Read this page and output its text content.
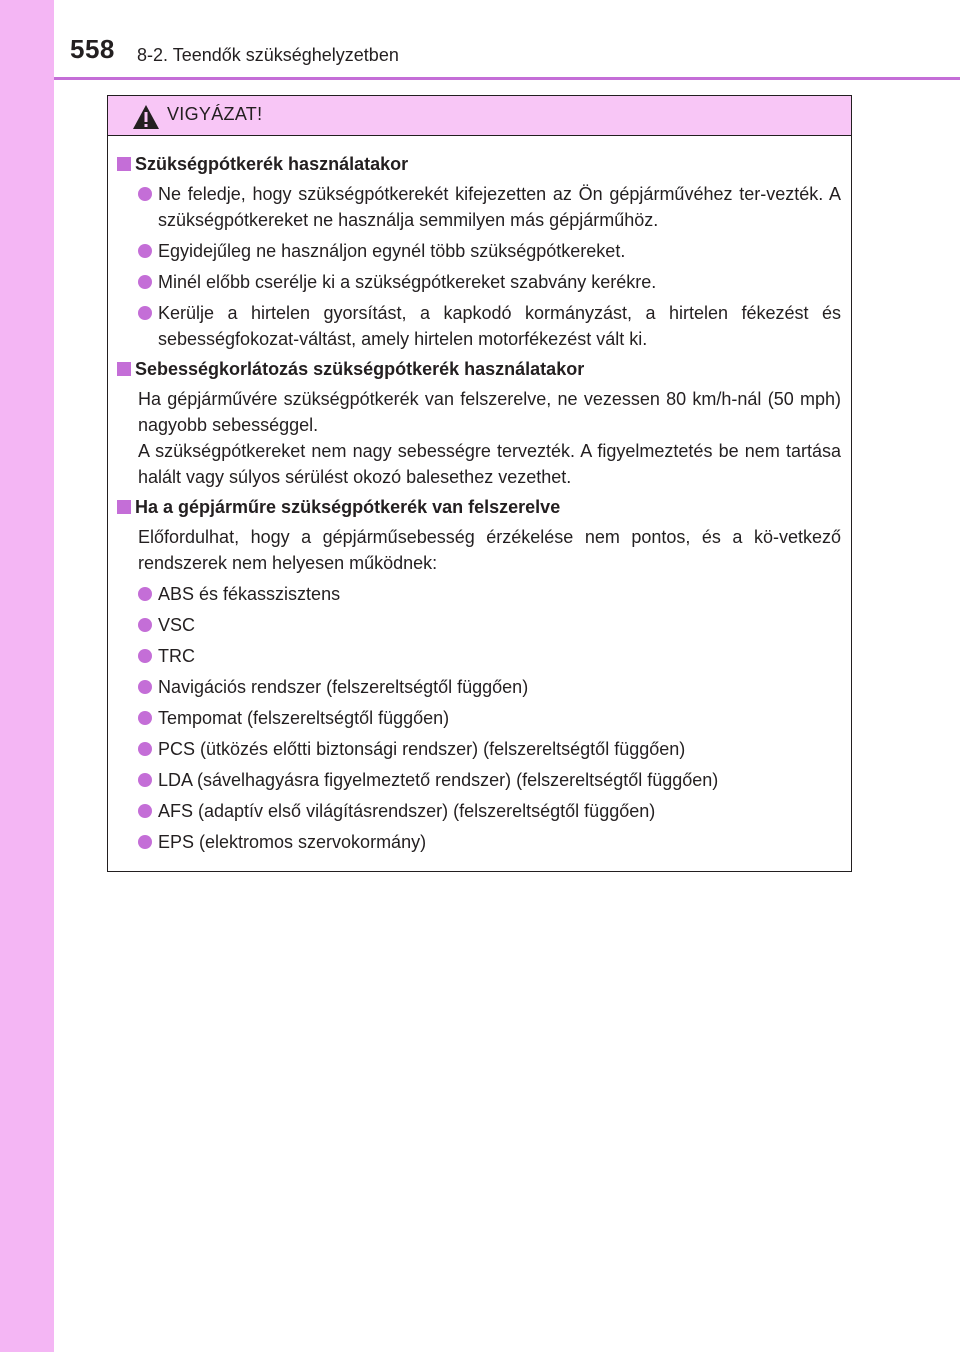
558 8-2. Teendők szükséghelyzetben
VIGYÁZAT!
Szükségpótkerék használatakor
Ne feledje, hogy szükségpótkerekét kifejezetten az Ön gépjárművéhez ter-vezték. A szükségpótkereket ne használja semmilyen más gépjárműhöz.
Egyidejűleg ne használjon egynél több szükségpótkereket.
Minél előbb cserélje ki a szükségpótkereket szabvány kerékre.
Kerülje a hirtelen gyorsítást, a kapkodó kormányzást, a hirtelen fékezést és sebességfokozat-váltást, amely hirtelen motorfékezést vált ki.
Sebességkorlátozás szükségpótkerék használatakor
Ha gépjárművére szükségpótkerék van felszerelve, ne vezessen 80 km/h-nál (50 mph) nagyobb sebességgel.
A szükségpótkereket nem nagy sebességre tervezték. A figyelmeztetés be nem tartása halált vagy súlyos sérülést okozó balesethez vezethet.
Ha a gépjárműre szükségpótkerék van felszerelve
Előfordulhat, hogy a gépjárműsebesség érzékelése nem pontos, és a kö-vetkező rendszerek nem helyesen működnek:
ABS és fékasszisztens
VSC
TRC
Navigációs rendszer (felszereltségtől függően)
Tempomat (felszereltségtől függően)
PCS (ütközés előtti biztonsági rendszer) (felszereltségtől függően)
LDA (sávelhagyásra figyelmeztető rendszer) (felszereltségtől függően)
AFS (adaptív első világításrendszer) (felszereltségtől függően)
EPS (elektromos szervokormány)
